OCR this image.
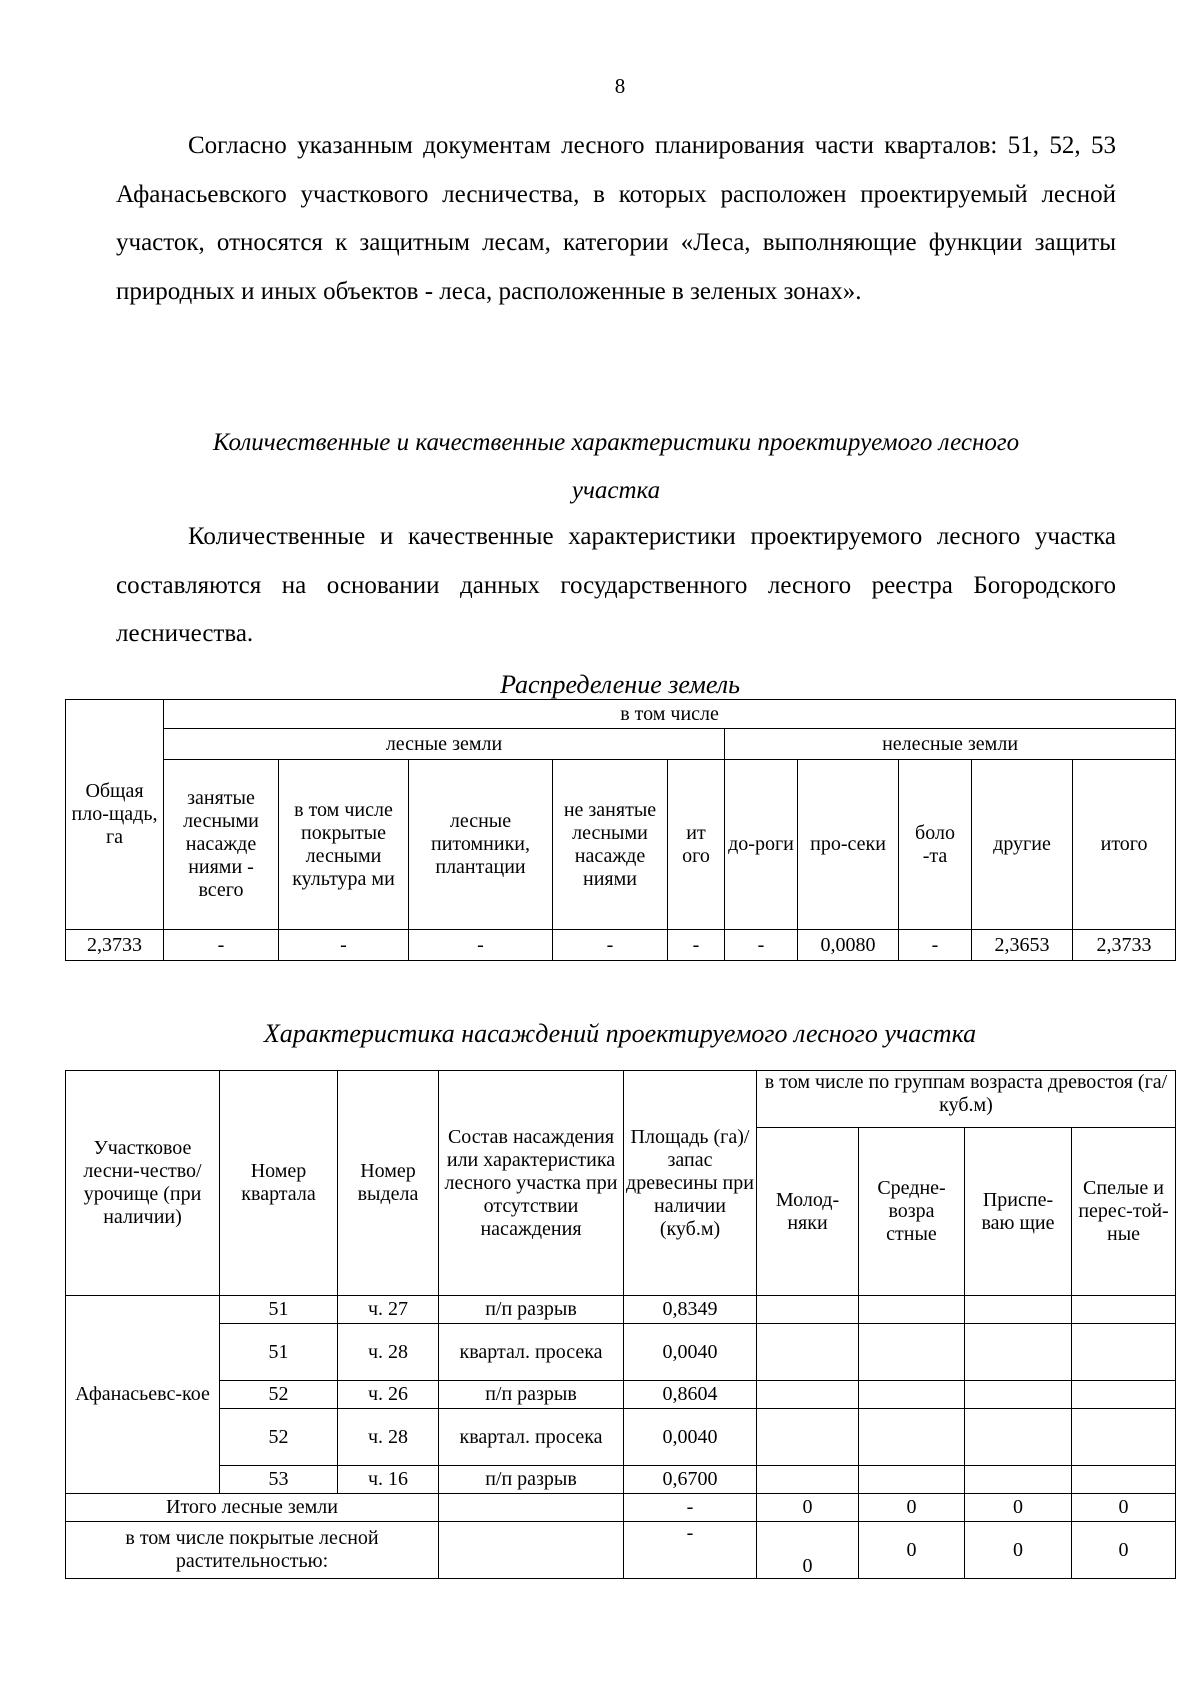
8
Согласно указанным документам лесного планирования части кварталов: 51, 52, 53 Афанасьевского участкового лесничества, в которых расположен проектируемый лесной участок, относятся к защитным лесам, категории «Леса, выполняющие функции защиты природных и иных объектов - леса, расположенные в зеленых зонах».
Количественные и качественные характеристики проектируемого лесного
участка
Количественные и качественные характеристики проектируемого лесного участка составляются на основании данных государственного лесного реестра Богородского лесничества.
Распределение земель
Общая пло-щадь, га	в том числе									
	лесные земли					нелесные земли				
	занятые лесными насажде ниями - всего	в том числе покрытые лесными культура ми	лесные питомники, плантации	не занятые лесными насажде ниями	ит ого	до-роги	про-секи	боло -та	другие	итого
2,3733	-	-	-	-	-	-	0,0080	-	2,3653	2,3733
Характеристика насаждений проектируемого лесного участка
Участковое лесни-чество/ урочище (при наличии)	Номер квартала	Номер выдела	Состав насаждения или характеристика лесного участка при отсутствии насаждения	Площадь (га)/запас древесины при наличии (куб.м)	в том числе по группам возраста древостоя (га/куб.м)			
					Молод-няки	Средне-возра стные	Приспе-ваю щие	Спелые и перес-той-ные
Афанасьевс-кое	51	ч. 27	п/п разрыв	0,8349				
	51	ч. 28	квартал. просека	0,0040				
	52	ч. 26	п/п разрыв	0,8604				
	52	ч. 28	квартал. просека	0,0040				
	53	ч. 16	п/п разрыв	0,6700				
Итого лесные земли				-	0	0	0	0
в том числе покрытые лесной растительностью:				-	0	0	0	0
